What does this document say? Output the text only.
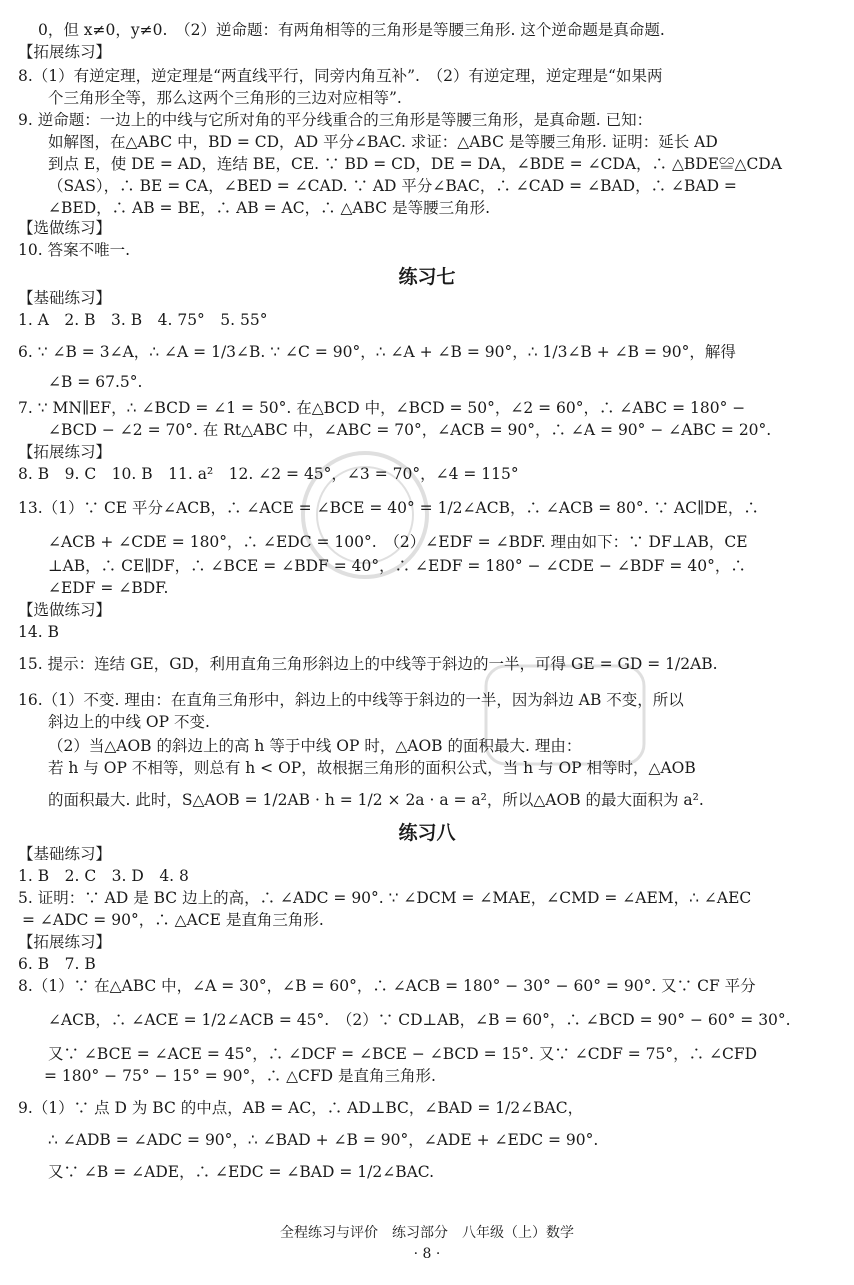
0，但 x≠0，y≠0.　（2）逆命题：有两角相等的三角形是等腰三角形. 这个逆命题是真命题.
【拓展练习】
8.（1）有逆定理，逆定理是“两直线平行，同旁内角互补”.　（2）有逆定理，逆定理是“如果两
个三角形全等，那么这两个三角形的三边对应相等”.
9. 逆命题：一边上的中线与它所对角的平分线重合的三角形是等腰三角形，是真命题. 已知：
如解图，在△ABC 中，BD = CD，AD 平分∠BAC. 求证：△ABC 是等腰三角形. 证明：延长 AD
到点 E，使 DE = AD，连结 BE，CE. ∵ BD = CD，DE = DA，∠BDE = ∠CDA，∴ △BDE≌△CDA
（SAS），∴ BE = CA，∠BED = ∠CAD. ∵ AD 平分∠BAC，∴ ∠CAD = ∠BAD，∴ ∠BAD =
∠BED，∴ AB = BE，∴ AB = AC，∴ △ABC 是等腰三角形.
【选做练习】
10. 答案不唯一.
练习七
【基础练习】
1. A　2. B　3. B　4. 75°　5. 55°
6. ∵ ∠B = 3∠A，∴ ∠A = 1/3∠B. ∵ ∠C = 90°，∴ ∠A + ∠B = 90°，∴ 1/3∠B + ∠B = 90°，解得
∠B = 67.5°.
7. ∵ MN∥EF，∴ ∠BCD = ∠1 = 50°. 在△BCD 中，∠BCD = 50°，∠2 = 60°，∴ ∠ABC = 180° −
∠BCD − ∠2 = 70°. 在 Rt△ABC 中，∠ABC = 70°，∠ACB = 90°，∴ ∠A = 90° − ∠ABC = 20°.
【拓展练习】
8. B　9. C　10. B　11. a²　12. ∠2 = 45°，∠3 = 70°，∠4 = 115°
13.（1）∵ CE 平分∠ACB，∴ ∠ACE = ∠BCE = 40° = 1/2∠ACB，∴ ∠ACB = 80°. ∵ AC∥DE，∴
∠ACB + ∠CDE = 180°，∴ ∠EDC = 100°.　（2）∠EDF = ∠BDF. 理由如下：∵ DF⊥AB，CE
⊥AB，∴ CE∥DF，∴ ∠BCE = ∠BDF = 40°，∴ ∠EDF = 180° − ∠CDE − ∠BDF = 40°，∴
∠EDF = ∠BDF.
【选做练习】
14. B
15. 提示：连结 GE，GD，利用直角三角形斜边上的中线等于斜边的一半，可得 GE = GD = 1/2AB.
16.（1）不变. 理由：在直角三角形中，斜边上的中线等于斜边的一半，因为斜边 AB 不变，所以
斜边上的中线 OP 不变.
（2）当△AOB 的斜边上的高 h 等于中线 OP 时，△AOB 的面积最大. 理由：
若 h 与 OP 不相等，则总有 h < OP，故根据三角形的面积公式，当 h 与 OP 相等时，△AOB
的面积最大. 此时，S△AOB = 1/2AB · h = 1/2 × 2a · a = a²，所以△AOB 的最大面积为 a².
练习八
【基础练习】
1. B　2. C　3. D　4. 8
5. 证明：∵ AD 是 BC 边上的高，∴ ∠ADC = 90°. ∵ ∠DCM = ∠MAE，∠CMD = ∠AEM，∴ ∠AEC
= ∠ADC = 90°，∴ △ACE 是直角三角形.
【拓展练习】
6. B　7. B
8.（1）∵ 在△ABC 中，∠A = 30°，∠B = 60°，∴ ∠ACB = 180° − 30° − 60° = 90°. 又∵ CF 平分
∠ACB，∴ ∠ACE = 1/2∠ACB = 45°.　（2）∵ CD⊥AB，∠B = 60°，∴ ∠BCD = 90° − 60° = 30°.
又∵ ∠BCE = ∠ACE = 45°，∴ ∠DCF = ∠BCE − ∠BCD = 15°. 又∵ ∠CDF = 75°，∴ ∠CFD
= 180° − 75° − 15° = 90°，∴ △CFD 是直角三角形.
9.（1）∵ 点 D 为 BC 的中点，AB = AC，∴ AD⊥BC，∠BAD = 1/2∠BAC，
∴ ∠ADB = ∠ADC = 90°，∴ ∠BAD + ∠B = 90°，∠ADE + ∠EDC = 90°.
又∵ ∠B = ∠ADE，∴ ∠EDC = ∠BAD = 1/2∠BAC.
全程练习与评价　练习部分　八年级（上）数学
· 8 ·
